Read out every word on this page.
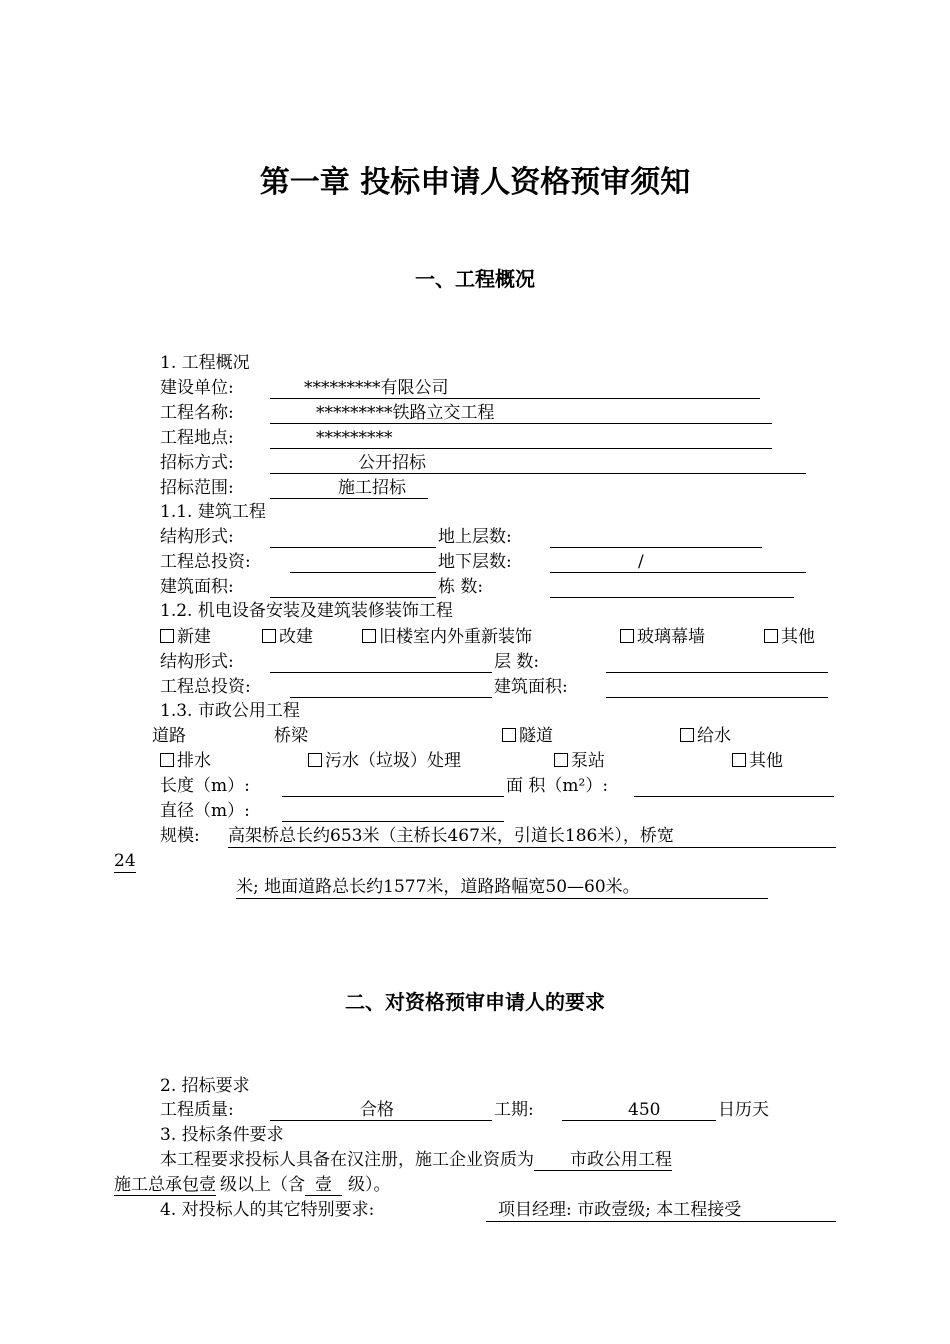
第一章 投标申请人资格预审须知
一、工程概况
1. 工程概况
建设单位:	*********有限公司
工程名称:	*********铁路立交工程
工程地点:	*********
招标方式:	公开招标
招标范围:	施工招标
1.1. 建筑工程
结构形式:	地上层数:
工程总投资:	地下层数:	/
建筑面积:	栋 数:
1.2. 机电设备安装及建筑装修装饰工程
新建	改建	旧楼室内外重新装饰	玻璃幕墙	其他
结构形式:	层 数:
工程总投资:	建筑面积:
1.3. 市政公用工程
道路	桥梁	隧道	给水
排水	污水（垃圾）处理	泵站	其他
长度（m）:	面 积（m²）:
直径（m）:
规模: 高架桥总长约653米（主桥长467米，引道长186米），桥宽
24
米; 地面道路总长约1577米，道路路幅宽50—60米。
二、对资格预审申请人的要求
2. 招标要求
工程质量:	合格	工期:	450	日历天
3. 投标条件要求
本工程要求投标人具备在汉注册，施工企业资质为 市政公用工程
施工总承包壹 级以上（含 壹 级）。
4. 对投标人的其它特别要求:	项目经理: 市政壹级; 本工程接受
